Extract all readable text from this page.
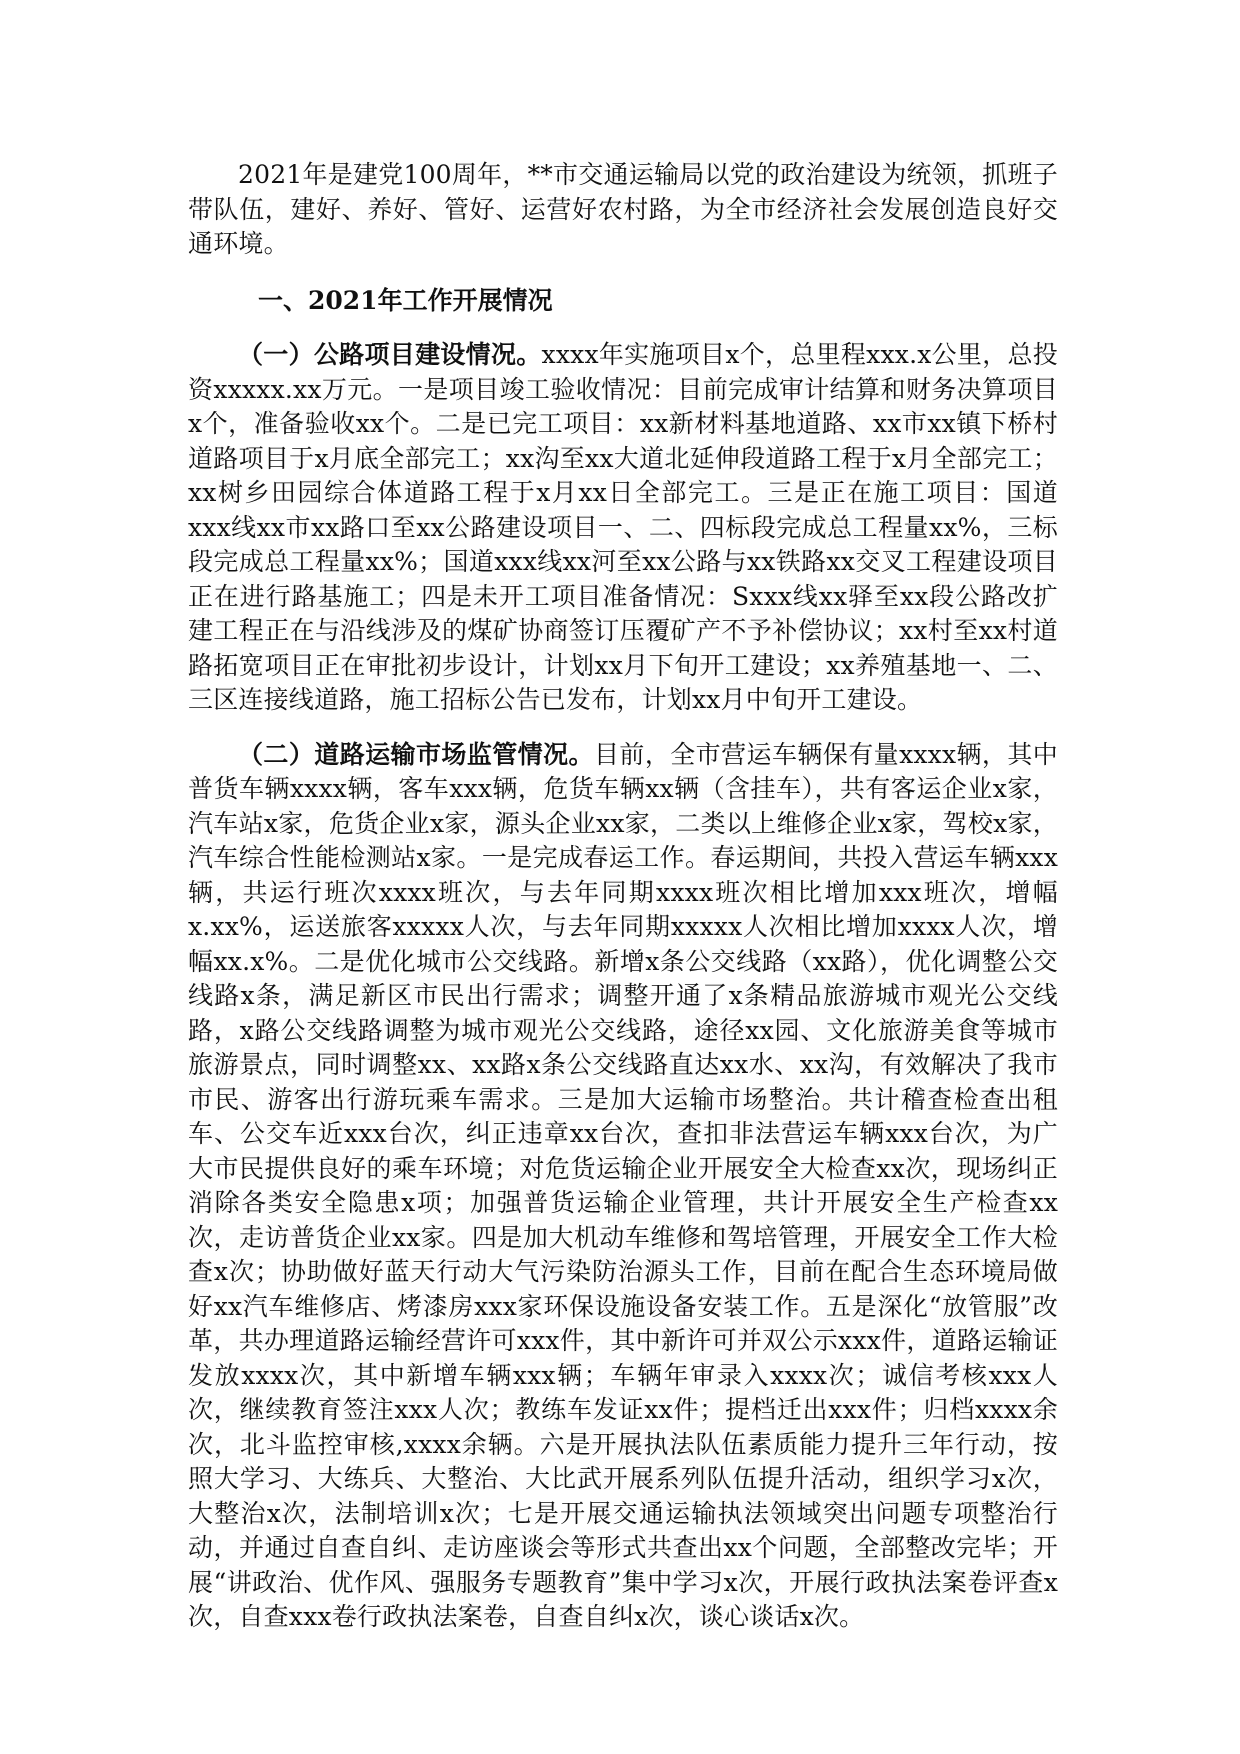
2021年是建党100周年，**市交通运输局以党的政治建设为统领，抓班子带队伍，建好、养好、管好、运营好农村路，为全市经济社会发展创造良好交通环境。

一、2021年工作开展情况

（一）公路项目建设情况。xxxx年实施项目x个，总里程xxx.x公里，总投资xxxxx.xx万元。一是项目竣工验收情况：目前完成审计结算和财务决算项目x个，准备验收xx个。二是已完工项目：xx新材料基地道路、xx市xx镇下桥村道路项目于x月底全部完工；xx沟至xx大道北延伸段道路工程于x月全部完工；xx树乡田园综合体道路工程于x月xx日全部完工。三是正在施工项目：国道xxx线xx市xx路口至xx公路建设项目一、二、四标段完成总工程量xx%，三标段完成总工程量xx%；国道xxx线xx河至xx公路与xx铁路xx交叉工程建设项目正在进行路基施工；四是未开工项目准备情况：Sxxx线xx驿至xx段公路改扩建工程正在与沿线涉及的煤矿协商签订压覆矿产不予补偿协议；xx村至xx村道路拓宽项目正在审批初步设计，计划xx月下旬开工建设；xx养殖基地一、二、三区连接线道路，施工招标公告已发布，计划xx月中旬开工建设。

（二）道路运输市场监管情况。目前，全市营运车辆保有量xxxx辆，其中普货车辆xxxx辆，客车xxx辆，危货车辆xx辆（含挂车），共有客运企业x家，汽车站x家，危货企业x家，源头企业xx家，二类以上维修企业x家，驾校x家，汽车综合性能检测站x家。一是完成春运工作。春运期间，共投入营运车辆xxx辆，共运行班次xxxx班次，与去年同期xxxx班次相比增加xxx班次，增幅x.xx%，运送旅客xxxxx人次，与去年同期xxxxx人次相比增加xxxx人次，增幅xx.x%。二是优化城市公交线路。新增x条公交线路（xx路），优化调整公交线路x条，满足新区市民出行需求；调整开通了x条精品旅游城市观光公交线路，x路公交线路调整为城市观光公交线路，途径xx园、文化旅游美食等城市旅游景点，同时调整xx、xx路x条公交线路直达xx水、xx沟，有效解决了我市市民、游客出行游玩乘车需求。三是加大运输市场整治。共计稽查检查出租车、公交车近xxx台次，纠正违章xx台次，查扣非法营运车辆xxx台次，为广大市民提供良好的乘车环境；对危货运输企业开展安全大检查xx次，现场纠正消除各类安全隐患x项；加强普货运输企业管理，共计开展安全生产检查xx次，走访普货企业xx家。四是加大机动车维修和驾培管理，开展安全工作大检查x次；协助做好蓝天行动大气污染防治源头工作，目前在配合生态环境局做好xx汽车维修店、烤漆房xxx家环保设施设备安装工作。五是深化“放管服”改革，共办理道路运输经营许可xxx件，其中新许可并双公示xxx件，道路运输证发放xxxx次，其中新增车辆xxx辆；车辆年审录入xxxx次；诚信考核xxx人次，继续教育签注xxx人次；教练车发证xx件；提档迁出xxx件；归档xxxx余次，北斗监控审核,xxxx余辆。六是开展执法队伍素质能力提升三年行动，按照大学习、大练兵、大整治、大比武开展系列队伍提升活动，组织学习x次，大整治x次，法制培训x次；七是开展交通运输执法领域突出问题专项整治行动，并通过自查自纠、走访座谈会等形式共查出xx个问题，全部整改完毕；开展“讲政治、优作风、强服务专题教育”集中学习x次，开展行政执法案卷评查x次，自查xxx卷行政执法案卷，自查自纠x次，谈心谈话x次。
